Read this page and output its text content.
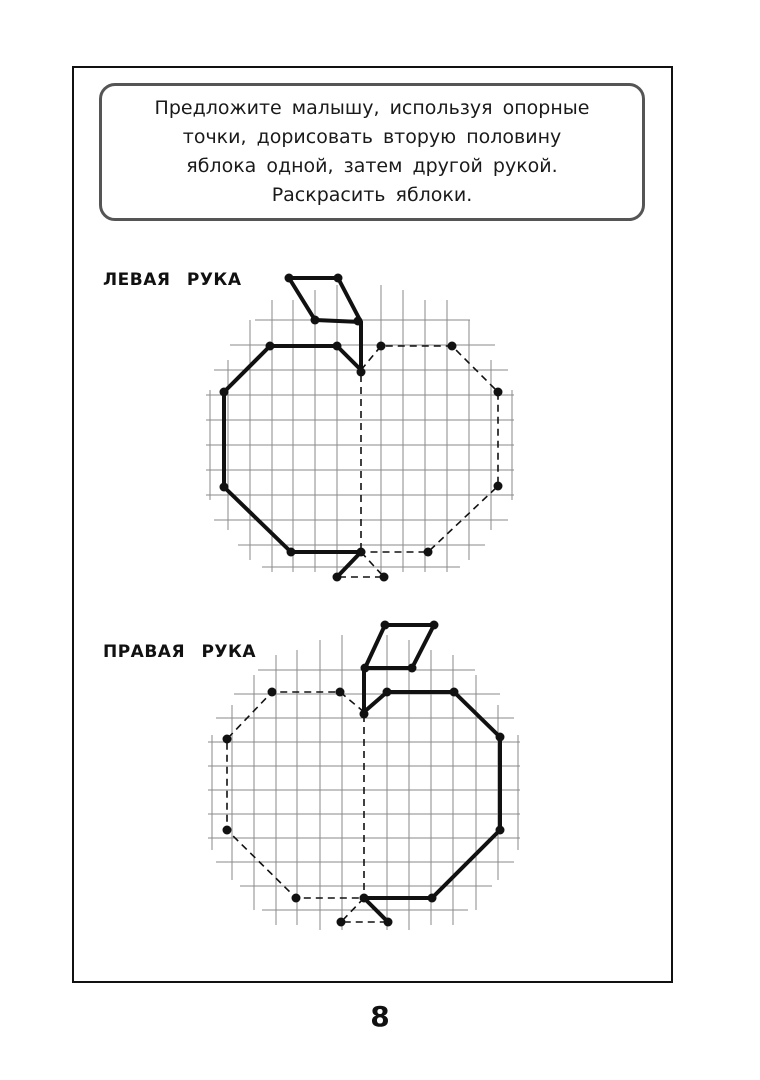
Предложите малышу, используя опорные

точки, дорисовать вторую половину

яблока одной, затем другой рукой.

Раскрасить яблоки.

ЛЕВАЯ РУКА
ПРАВАЯ РУКА
8
